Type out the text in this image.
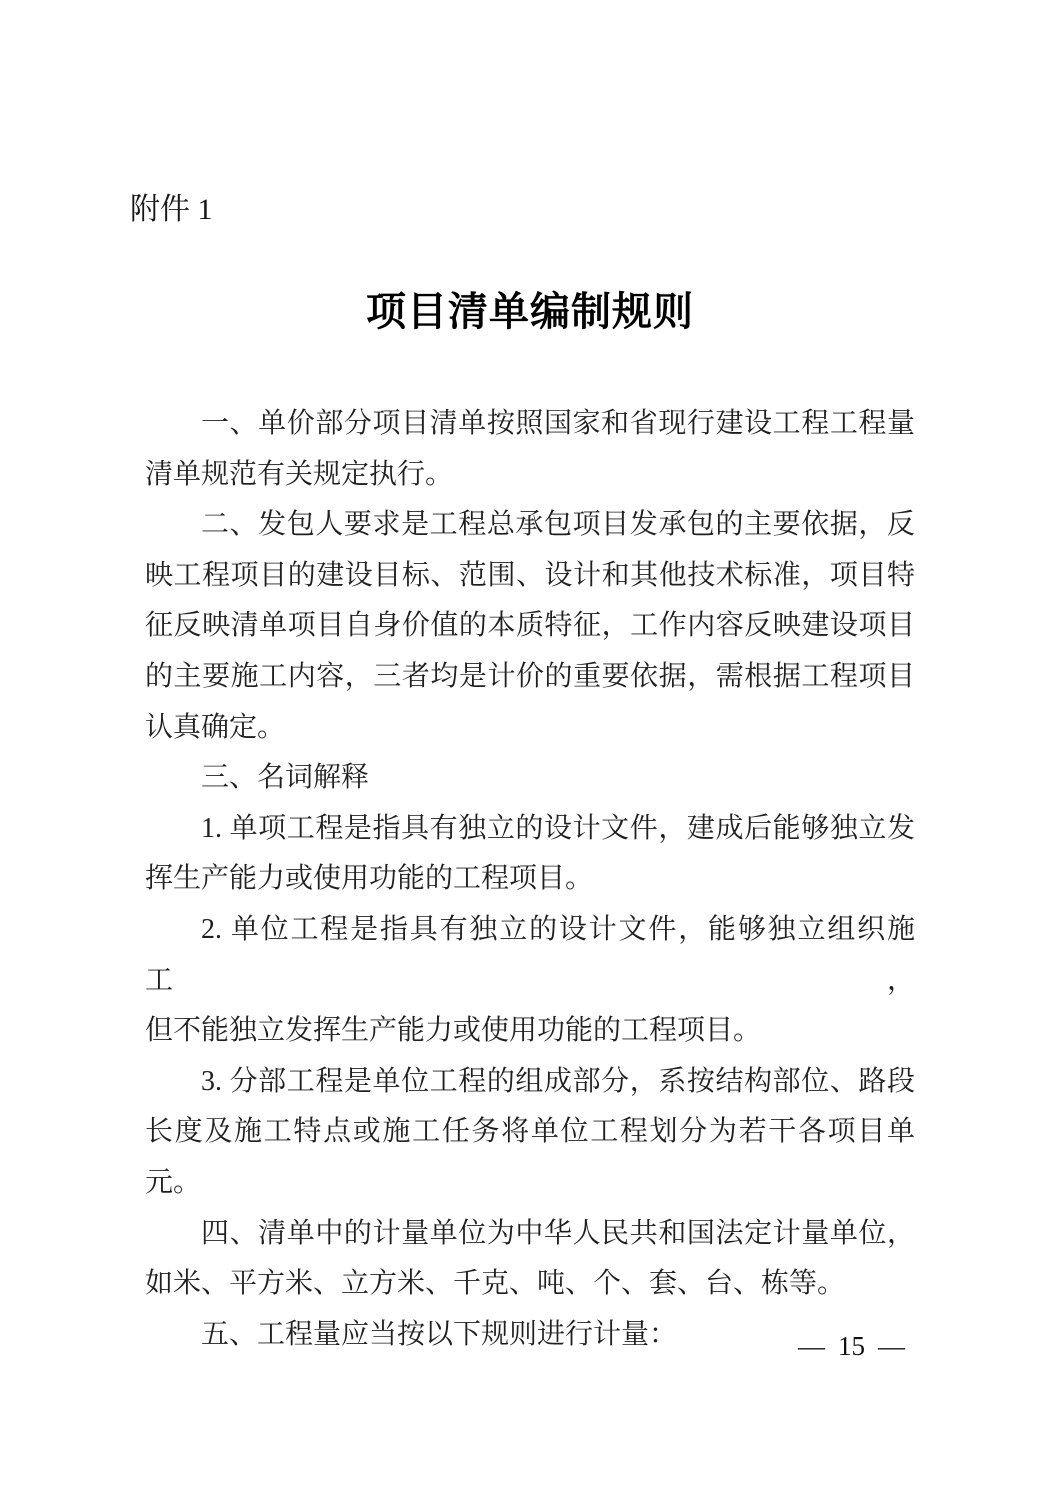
附件 1
项目清单编制规则
一、单价部分项目清单按照国家和省现行建设工程工程量
清单规范有关规定执行。
二、发包人要求是工程总承包项目发承包的主要依据，反
映工程项目的建设目标、范围、设计和其他技术标准，项目特
征反映清单项目自身价值的本质特征，工作内容反映建设项目
的主要施工内容，三者均是计价的重要依据，需根据工程项目
认真确定。
三、名词解释
1. 单项工程是指具有独立的设计文件，建成后能够独立发
挥生产能力或使用功能的工程项目。
2. 单位工程是指具有独立的设计文件，能够独立组织施工，
但不能独立发挥生产能力或使用功能的工程项目。
3. 分部工程是单位工程的组成部分，系按结构部位、路段
长度及施工特点或施工任务将单位工程划分为若干各项目单
元。
四、清单中的计量单位为中华人民共和国法定计量单位，
如米、平方米、立方米、千克、吨、个、套、台、栋等。
五、工程量应当按以下规则进行计量：	— 15 —
